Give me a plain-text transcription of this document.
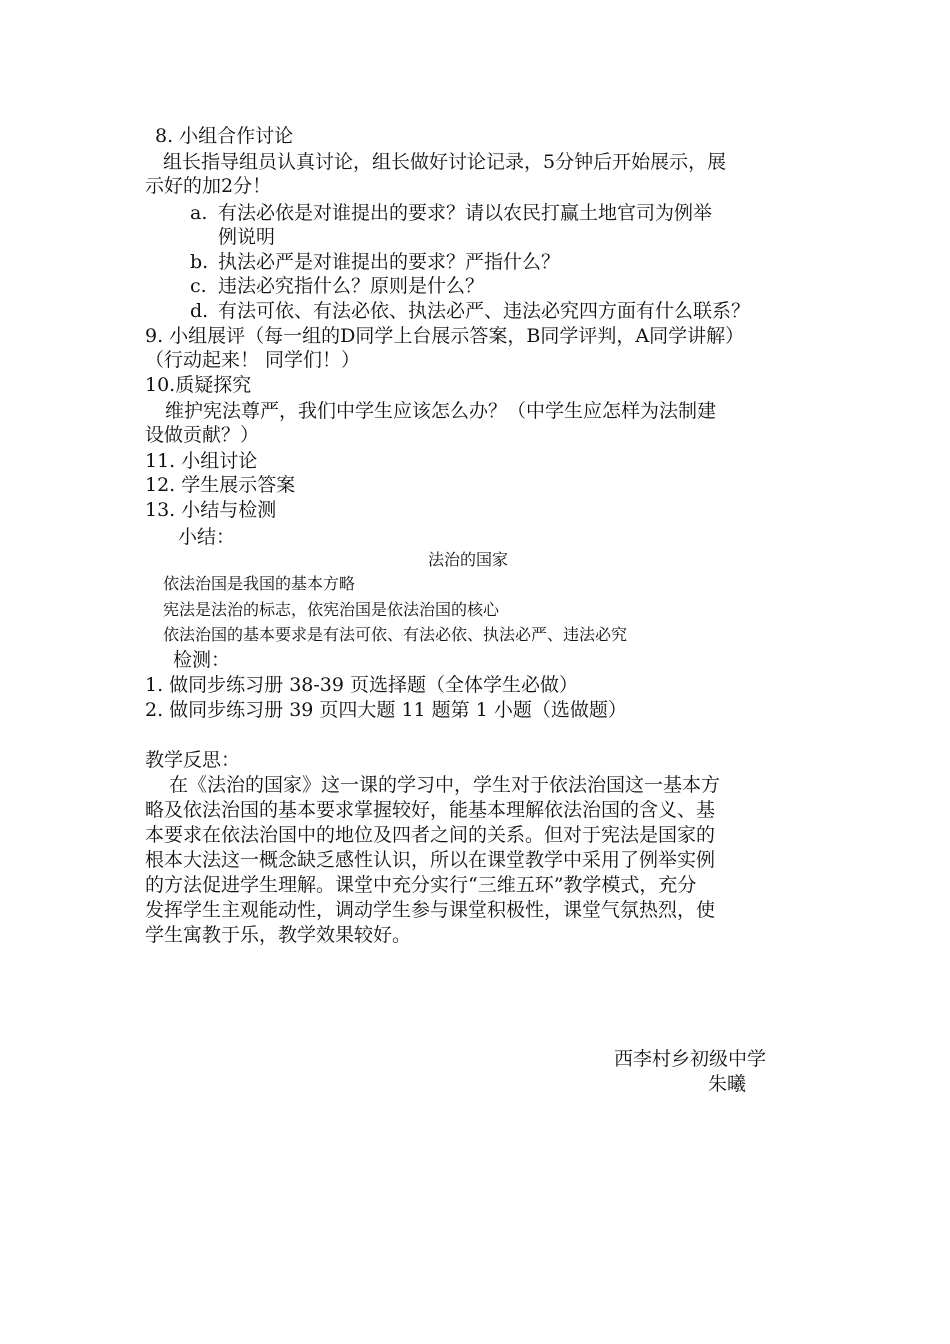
8. 小组合作讨论
组长指导组员认真讨论，组长做好讨论记录，5分钟后开始展示，展
示好的加2分！
a. 有法必依是对谁提出的要求？请以农民打赢土地官司为例举
例说明
b. 执法必严是对谁提出的要求？严指什么？
c. 违法必究指什么？原则是什么？
d. 有法可依、有法必依、执法必严、违法必究四方面有什么联系？
9. 小组展评（每一组的D同学上台展示答案，B同学评判，A同学讲解）
（行动起来！ 同学们！）
10.质疑探究
维护宪法尊严，我们中学生应该怎么办？（中学生应怎样为法制建
设做贡献？）
11. 小组讨论
12. 学生展示答案
13. 小结与检测
小结：
法治的国家
依法治国是我国的基本方略
宪法是法治的标志，依宪治国是依法治国的核心
依法治国的基本要求是有法可依、有法必依、执法必严、违法必究
检测：
1. 做同步练习册 38-39 页选择题（全体学生必做）
2. 做同步练习册 39 页四大题 11 题第 1 小题（选做题）
教学反思：
在《法治的国家》这一课的学习中，学生对于依法治国这一基本方
略及依法治国的基本要求掌握较好，能基本理解依法治国的含义、基
本要求在依法治国中的地位及四者之间的关系。但对于宪法是国家的
根本大法这一概念缺乏感性认识，所以在课堂教学中采用了例举实例
的方法促进学生理解。课堂中充分实行“三维五环”教学模式，充分
发挥学生主观能动性，调动学生参与课堂积极性，课堂气氛热烈，使
学生寓教于乐，教学效果较好。
西李村乡初级中学
朱曦
